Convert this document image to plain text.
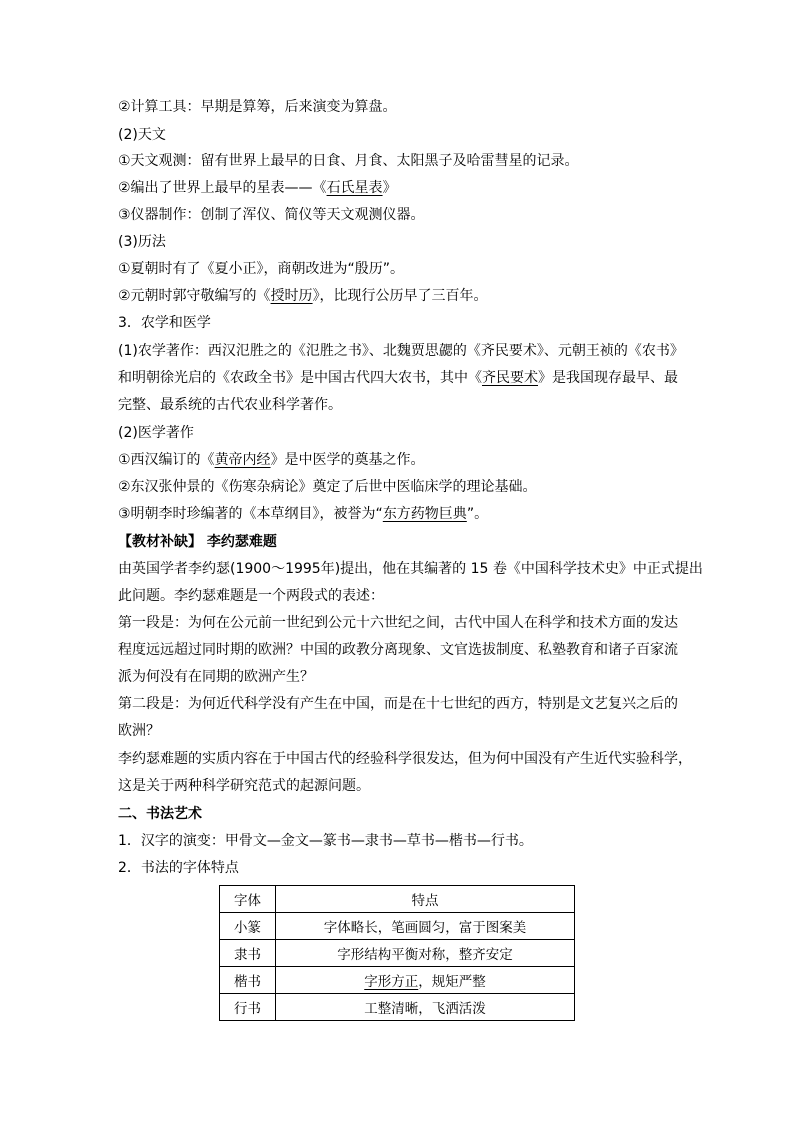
②计算工具：早期是算筹，后来演变为算盘。
(2)天文
①天文观测：留有世界上最早的日食、月食、太阳黑子及哈雷彗星的记录。
②编出了世界上最早的星表——《石氏星表》
③仪器制作：创制了浑仪、简仪等天文观测仪器。
(3)历法
①夏朝时有了《夏小正》，商朝改进为“殷历”。
②元朝时郭守敬编写的《授时历》，比现行公历早了三百年。
3．农学和医学
(1)农学著作：西汉氾胜之的《氾胜之书》、北魏贾思勰的《齐民要术》、元朝王祯的《农书》
和明朝徐光启的《农政全书》是中国古代四大农书，其中《齐民要术》是我国现存最早、最
完整、最系统的古代农业科学著作。
(2)医学著作
①西汉编订的《黄帝内经》是中医学的奠基之作。
②东汉张仲景的《伤寒杂病论》奠定了后世中医临床学的理论基础。
③明朝李时珍编著的《本草纲目》，被誉为“东方药物巨典”。
【教材补缺】 李约瑟难题
由英国学者李约瑟(1900～1995年)提出，他在其编著的 15 卷《中国科学技术史》中正式提出
此问题。李约瑟难题是一个两段式的表述：
第一段是：为何在公元前一世纪到公元十六世纪之间，古代中国人在科学和技术方面的发达
程度远远超过同时期的欧洲？中国的政教分离现象、文官选拔制度、私塾教育和诸子百家流
派为何没有在同期的欧洲产生？
第二段是：为何近代科学没有产生在中国，而是在十七世纪的西方，特别是文艺复兴之后的
欧洲？
李约瑟难题的实质内容在于中国古代的经验科学很发达，但为何中国没有产生近代实验科学，
这是关于两种科学研究范式的起源问题。
二、书法艺术
1．汉字的演变：甲骨文—金文—篆书—隶书—草书—楷书—行书。
2．书法的字体特点
字体	特点
小篆	字体略长，笔画圆匀，富于图案美
隶书	字形结构平衡对称，整齐安定
楷书	字形方正，规矩严整
行书	工整清晰，飞洒活泼
